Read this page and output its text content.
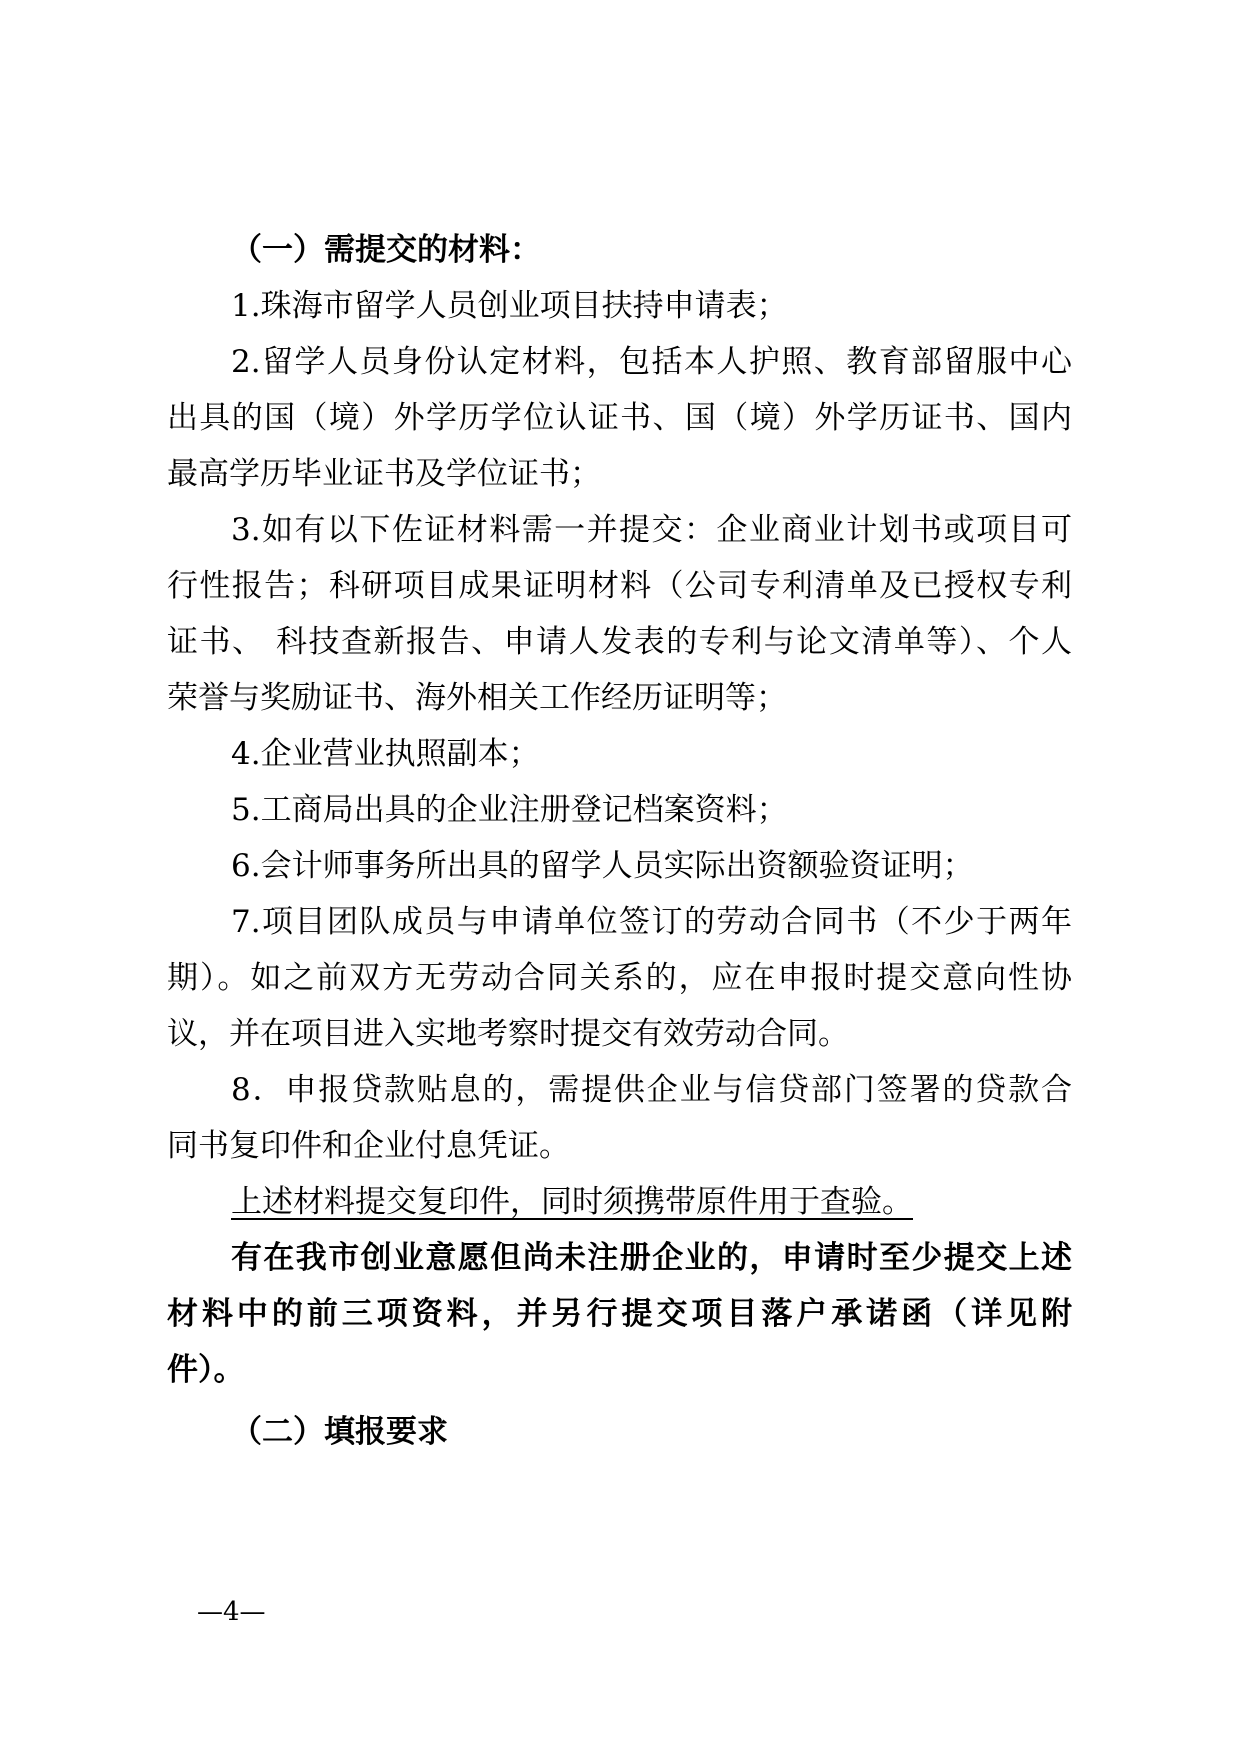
（一）需提交的材料：
1.珠海市留学人员创业项目扶持申请表；
2.留学人员身份认定材料，包括本人护照、教育部留服中心
出具的国（境）外学历学位认证书、国（境）外学历证书、国内
最高学历毕业证书及学位证书；
3.如有以下佐证材料需一并提交：企业商业计划书或项目可
行性报告；科研项目成果证明材料（公司专利清单及已授权专利
证书、 科技查新报告、申请人发表的专利与论文清单等）、个人
荣誉与奖励证书、海外相关工作经历证明等；
4.企业营业执照副本；
5.工商局出具的企业注册登记档案资料；
6.会计师事务所出具的留学人员实际出资额验资证明；
7.项目团队成员与申请单位签订的劳动合同书（不少于两年
期）。如之前双方无劳动合同关系的，应在申报时提交意向性协
议，并在项目进入实地考察时提交有效劳动合同。
8．申报贷款贴息的，需提供企业与信贷部门签署的贷款合
同书复印件和企业付息凭证。
上述材料提交复印件，同时须携带原件用于查验。
有在我市创业意愿但尚未注册企业的，申请时至少提交上述
材料中的前三项资料，并另行提交项目落户承诺函（详见附
件）。
（二）填报要求
—4—
